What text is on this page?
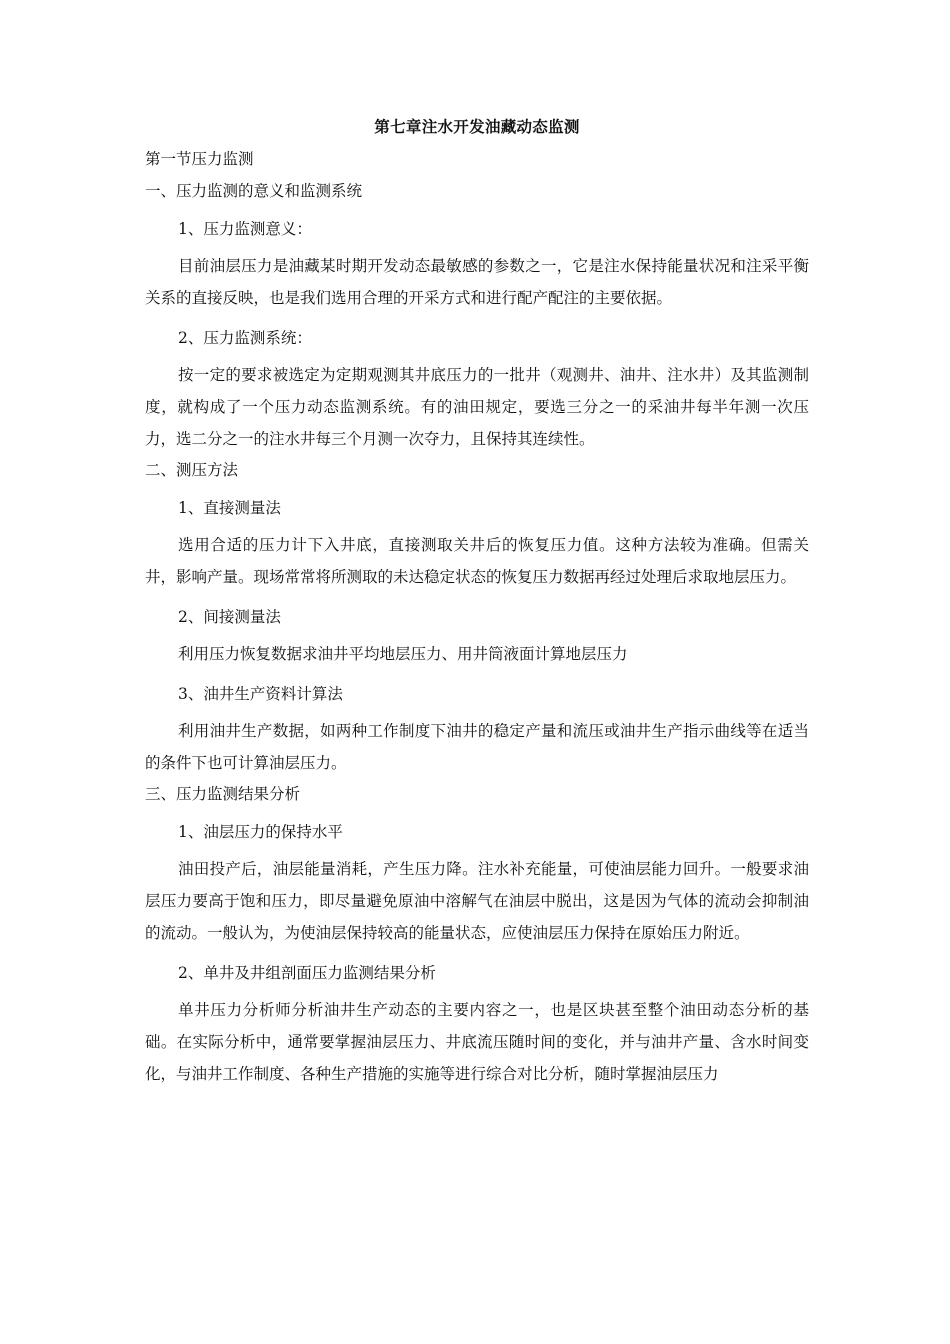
第七章注水开发油藏动态监测
第一节压力监测
一、压力监测的意义和监测系统
1、压力监测意义：
目前油层压力是油藏某时期开发动态最敏感的参数之一，它是注水保持能量状况和注采平衡关系的直接反映，也是我们选用合理的开采方式和进行配产配注的主要依据。
2、压力监测系统：
按一定的要求被选定为定期观测其井底压力的一批井（观测井、油井、注水井）及其监测制度，就构成了一个压力动态监测系统。有的油田规定，要选三分之一的采油井每半年测一次压力，选二分之一的注水井每三个月测一次夺力，且保持其连续性。
二、测压方法
1、直接测量法
选用合适的压力计下入井底，直接测取关井后的恢复压力值。这种方法较为准确。但需关井，影响产量。现场常常将所测取的未达稳定状态的恢复压力数据再经过处理后求取地层压力。
2、间接测量法
利用压力恢复数据求油井平均地层压力、用井筒液面计算地层压力
3、油井生产资料计算法
利用油井生产数据，如两种工作制度下油井的稳定产量和流压或油井生产指示曲线等在适当的条件下也可计算油层压力。
三、压力监测结果分析
1、油层压力的保持水平
油田投产后，油层能量消耗，产生压力降。注水补充能量，可使油层能力回升。一般要求油层压力要高于饱和压力，即尽量避免原油中溶解气在油层中脱出，这是因为气体的流动会抑制油的流动。一般认为，为使油层保持较高的能量状态，应使油层压力保持在原始压力附近。
2、单井及井组剖面压力监测结果分析
单井压力分析师分析油井生产动态的主要内容之一，也是区块甚至整个油田动态分析的基础。在实际分析中，通常要掌握油层压力、井底流压随时间的变化，并与油井产量、含水时间变化，与油井工作制度、各种生产措施的实施等进行综合对比分析，随时掌握油层压力
